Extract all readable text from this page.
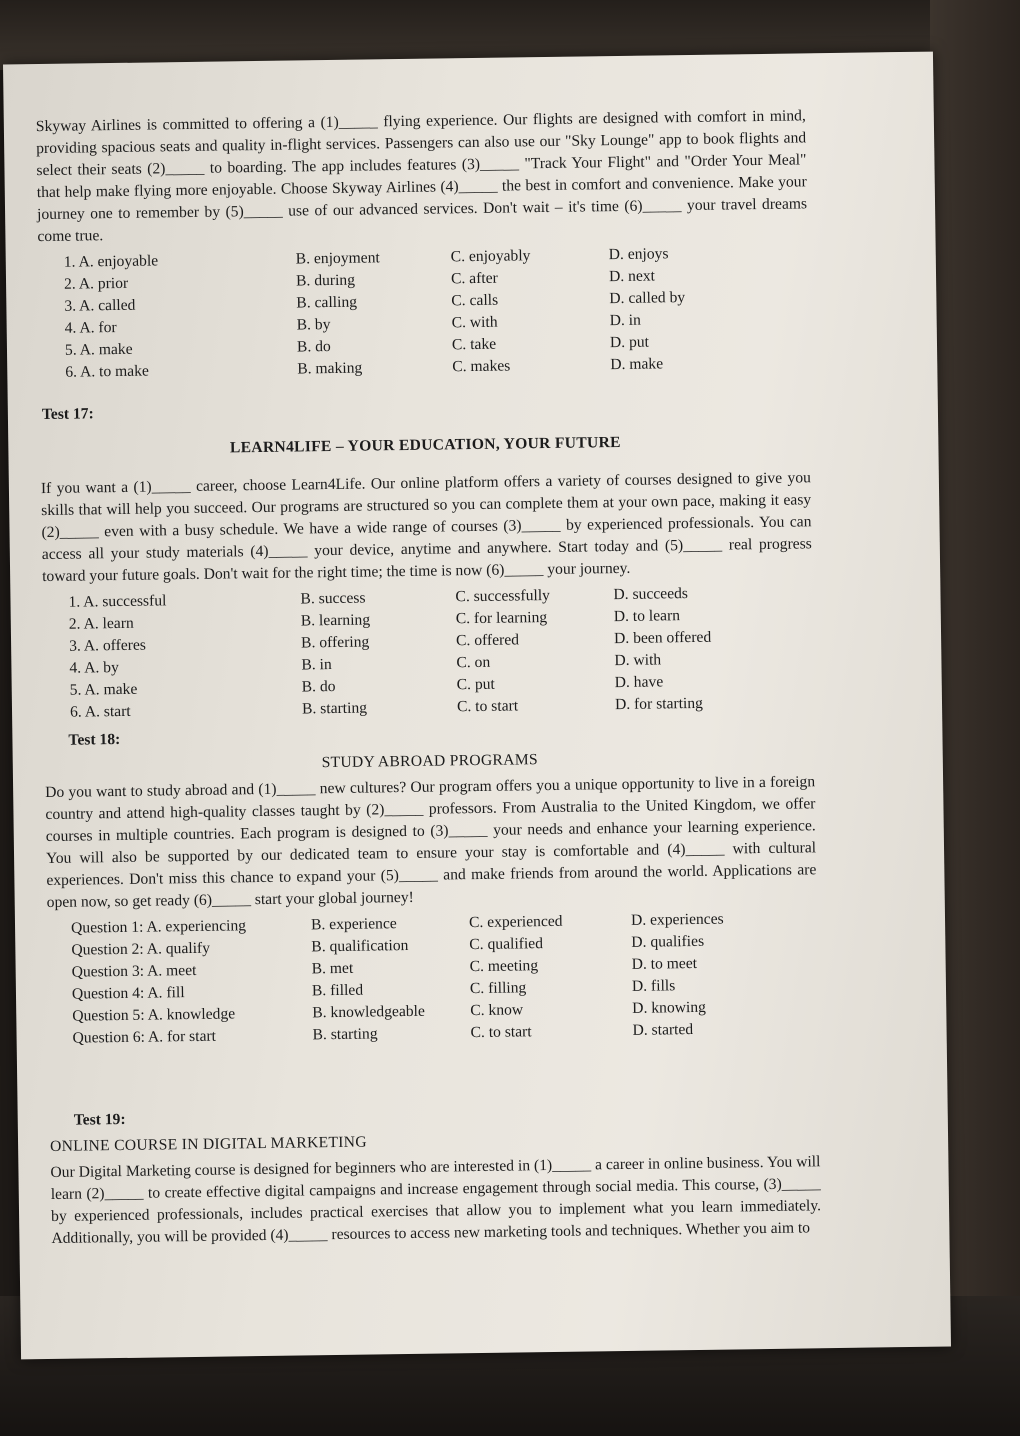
Skyway Airlines is committed to offering a (1)_____ flying experience. Our flights are designed with comfort in mind, providing spacious seats and quality in-flight services. Passengers can also use our "Sky Lounge" app to book flights and select their seats (2)_____ to boarding. The app includes features (3)_____ "Track Your Flight" and "Order Your Meal" that help make flying more enjoyable. Choose Skyway Airlines (4)_____ the best in comfort and convenience. Make your journey one to remember by (5)_____ use of our advanced services. Don't wait – it's time (6)_____ your travel dreams come true.

1. A. enjoyable	B. enjoyment	C. enjoyably	D. enjoys
2. A. prior	B. during	C. after	D. next
3. A. called	B. calling	C. calls	D. called by
4. A. for	B. by	C. with	D. in
5. A. make	B. do	C. take	D. put
6. A. to make	B. making	C. makes	D. make
Test 17:
LEARN4LIFE – YOUR EDUCATION, YOUR FUTURE

If you want a (1)_____ career, choose Learn4Life. Our online platform offers a variety of courses designed to give you skills that will help you succeed. Our programs are structured so you can complete them at your own pace, making it easy (2)_____ even with a busy schedule. We have a wide range of courses (3)_____ by experienced professionals. You can access all your study materials (4)_____ your device, anytime and anywhere. Start today and (5)_____ real progress toward your future goals. Don't wait for the right time; the time is now (6)_____ your journey.

1. A. successful	B. success	C. successfully	D. succeeds
2. A. learn	B. learning	C. for learning	D. to learn
3. A. offeres	B. offering	C. offered	D. been offered
4. A. by	B. in	C. on	D. with
5. A. make	B. do	C. put	D. have
6. A. start	B. starting	C. to start	D. for starting
Test 18:
STUDY ABROAD PROGRAMS

Do you want to study abroad and (1)_____ new cultures? Our program offers you a unique opportunity to live in a foreign country and attend high-quality classes taught by (2)_____ professors. From Australia to the United Kingdom, we offer courses in multiple countries. Each program is designed to (3)_____ your needs and enhance your learning experience. You will also be supported by our dedicated team to ensure your stay is comfortable and (4)_____ with cultural experiences. Don't miss this chance to expand your (5)_____ and make friends from around the world. Applications are open now, so get ready (6)_____ start your global journey!

Question 1: A. experiencing	B. experience	C. experienced	D. experiences
Question 2: A. qualify	B. qualification	C. qualified	D. qualifies
Question 3: A. meet	B. met	C. meeting	D. to meet
Question 4: A. fill	B. filled	C. filling	D. fills
Question 5: A. knowledge	B. knowledgeable	C. know	D. knowing
Question 6: A. for start	B. starting	C. to start	D. started
Test 19:
ONLINE COURSE IN DIGITAL MARKETING

Our Digital Marketing course is designed for beginners who are interested in (1)_____ a career in online business. You will learn (2)_____ to create effective digital campaigns and increase engagement through social media. This course, (3)_____ by experienced professionals, includes practical exercises that allow you to implement what you learn immediately. Additionally, you will be provided (4)_____ resources to access new marketing tools and techniques. Whether you aim to
